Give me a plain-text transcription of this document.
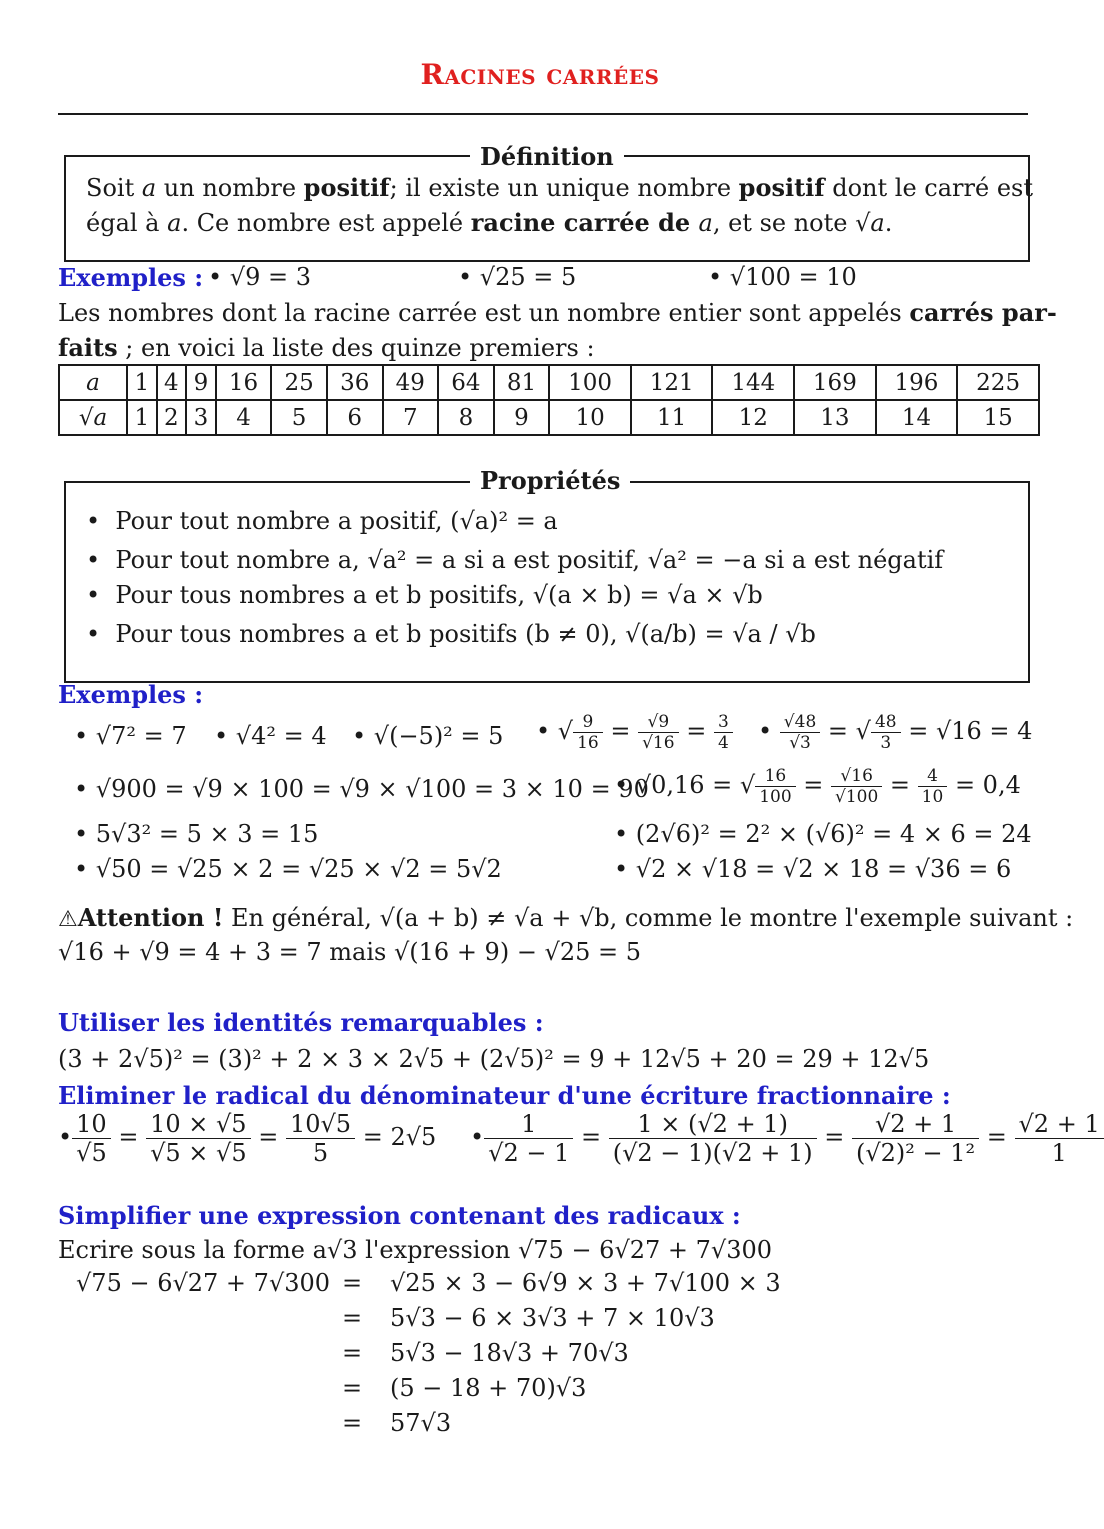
Racines carrées
Définition
Soit a un nombre positif; il existe un unique nombre positif dont le carré est
égal à a. Ce nombre est appelé racine carrée de a, et se note √a.
Exemples : • √9 = 3	• √25 = 5	• √100 = 10
Les nombres dont la racine carrée est un nombre entier sont appelés carrés par-
faits ; en voici la liste des quinze premiers :
a	1	4	9	16	25	36	49	64	81	100	121	144	169	196	225
√a	1	2	3	4	5	6	7	8	9	10	11	12	13	14	15
Propriétés
•  Pour tout nombre a positif, (√a)² = a
•  Pour tout nombre a, √a² = a si a est positif, √a² = −a si a est négatif
•  Pour tous nombres a et b positifs, √(a × b) = √a × √b
•  Pour tous nombres a et b positifs (b ≠ 0), √(a/b) = √a / √b
Exemples :
• √7² = 7 • √4² = 4 • √(−5)² = 5 • √ $\frac{9}{16} = \frac{√9}{√16} = \frac{3}{4}$ • $\frac{√48}{√3}$ = √ $\frac{48}{3} = √16 = 4$
• √900 = √9 × 100 = √9 × √100 = 3 × 10 = 90
• √0,16 = √ $\frac{16}{100} = \frac{√16}{√100} = \frac{4}{10} = 0,4$
• 5√3² = 5 × 3 = 15	• (2√6)² = 2² × (√6)² = 4 × 6 = 24
• √50 = √25 × 2 = √25 × √2 = 5√2	• √2 × √18 = √2 × 18 = √36 = 6
⚠Attention ! En général, √(a + b) ≠ √a + √b, comme le montre l'exemple suivant :
√16 + √9 = 4 + 3 = 7 mais √(16 + 9) − √25 = 5
Utiliser les identités remarquables :
(3 + 2√5)² = (3)² + 2 × 3 × 2√5 + (2√5)² = 9 + 12√5 + 20 = 29 + 12√5
Eliminer le radical du dénominateur d'une écriture fractionnaire :
• $\frac{10}{√5} = \frac{10 \times √5}{√5 \times √5} = \frac{10√5}{5} = 2√5$ • $\frac{1}{√2 - 1} = \frac{1 \times (√2 + 1)}{(√2 - 1)(√2 + 1)} = \frac{√2 + 1}{\text{(√2)² − 1²}} = \frac{√2 + 1}{1}$
Simplifier une expression contenant des radicaux :
Ecrire sous la forme a√3 l'expression √75 − 6√27 + 7√300
√75 − 6√27 + 7√300 = √25 × 3 − 6√9 × 3 + 7√100 × 3
= 5√3 − 6 × 3√3 + 7 × 10√3
= 5√3 − 18√3 + 70√3
= (5 − 18 + 70)√3
= 57√3
